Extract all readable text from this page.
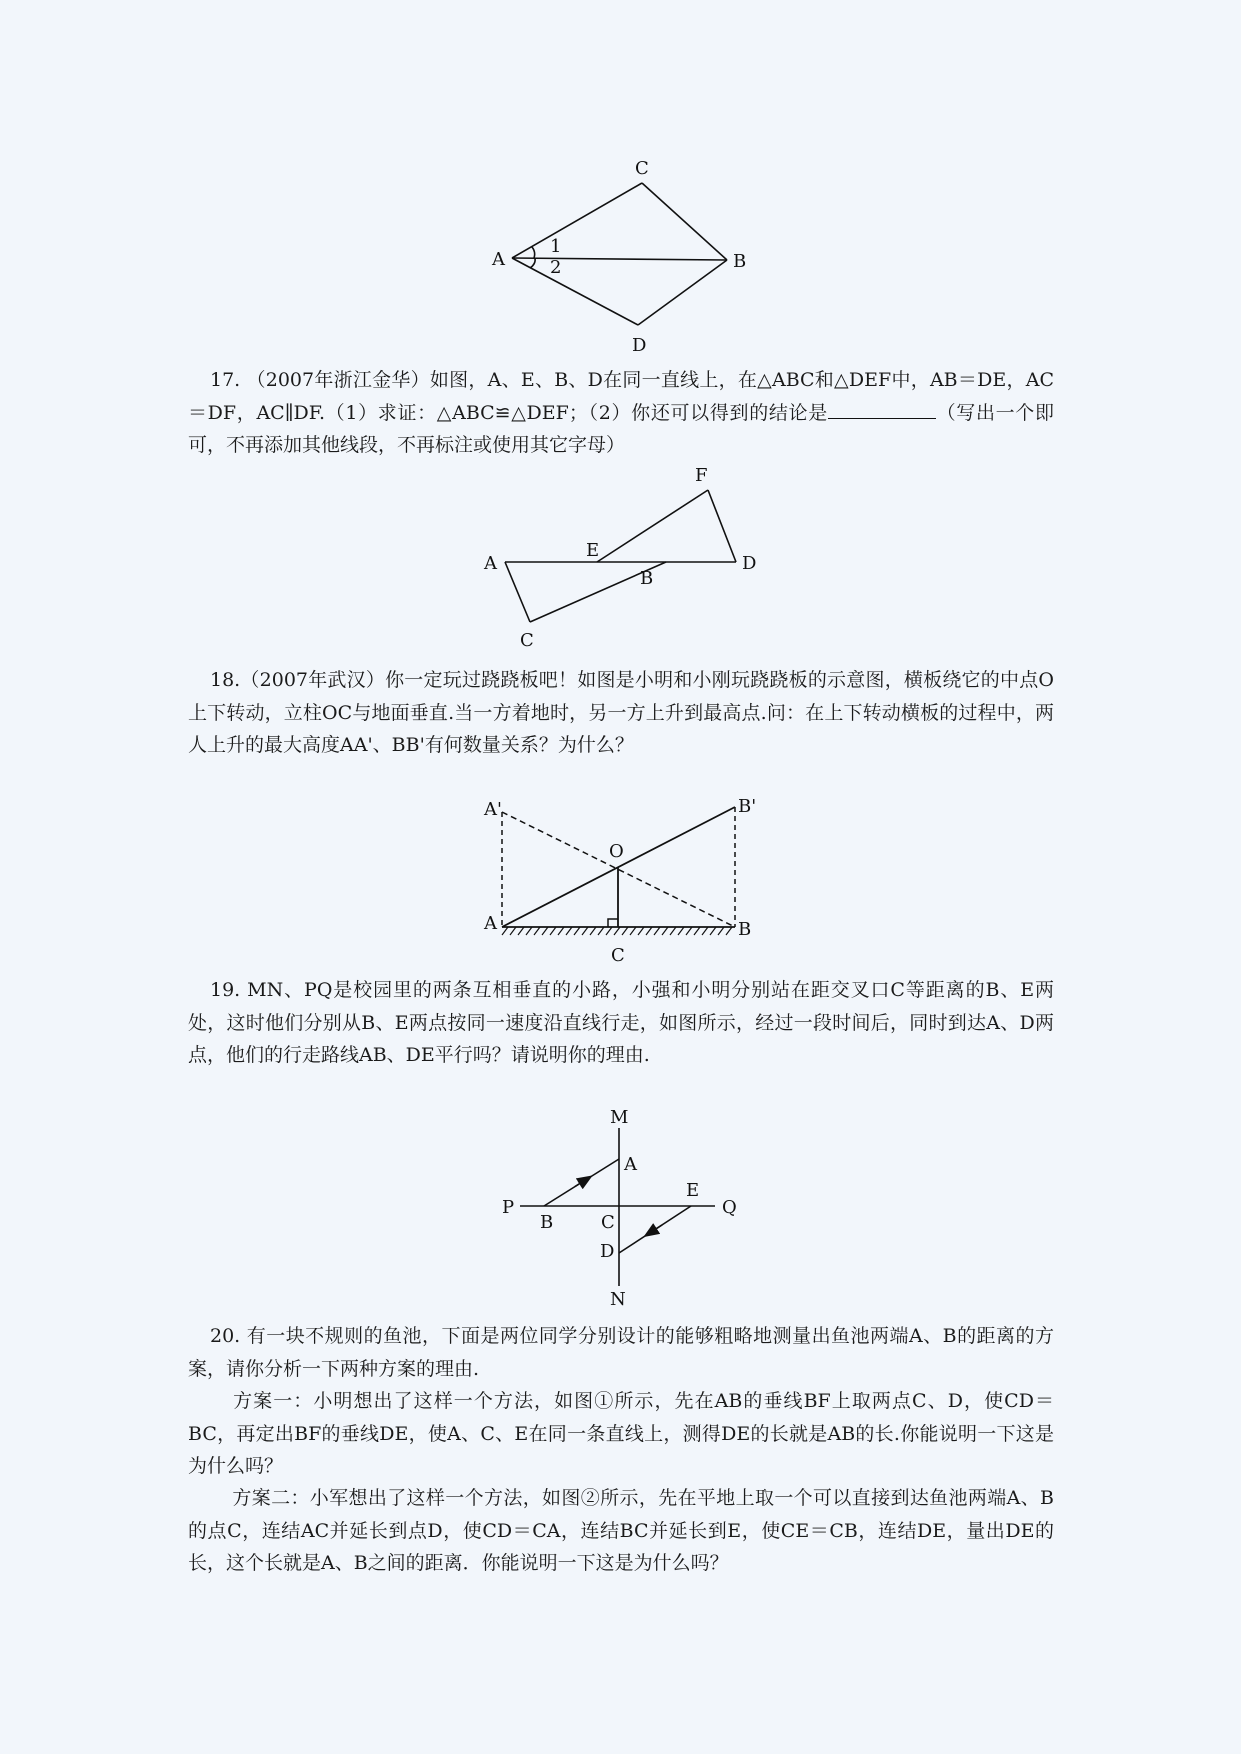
C
A	B
D
1
2

17. （2007年浙江金华）如图，A、E、B、D在同一直线上，在△ABC和△DEF中，AB＝DE，AC＝DF，AC∥DF.（1）求证：△ABC≌△DEF；（2）你还可以得到的结论是	（写出一个即可，不再添加其他线段，不再标注或使用其它字母）

F
A
E
D
B
C

18.（2007年武汉）你一定玩过跷跷板吧！如图是小明和小刚玩跷跷板的示意图，横板绕它的中点O上下转动，立柱OC与地面垂直.当一方着地时，另一方上升到最高点.问：在上下转动横板的过程中，两人上升的最大高度AA'、BB'有何数量关系？为什么？

A'	B'
O
A	B
C

19. MN、PQ是校园里的两条互相垂直的小路，小强和小明分别站在距交叉口C等距离的B、E两处，这时他们分别从B、E两点按同一速度沿直线行走，如图所示，经过一段时间后，同时到达A、D两点，他们的行走路线AB、DE平行吗？请说明你的理由.

M
A
P
E
Q
B	C
D
N

20. 有一块不规则的鱼池，下面是两位同学分别设计的能够粗略地测量出鱼池两端A、B的距离的方案，请你分析一下两种方案的理由.

方案一：小明想出了这样一个方法，如图①所示，先在AB的垂线BF上取两点C、D，使CD＝BC，再定出BF的垂线DE，使A、C、E在同一条直线上，测得DE的长就是AB的长.你能说明一下这是为什么吗？

方案二：小军想出了这样一个方法，如图②所示，先在平地上取一个可以直接到达鱼池两端A、B的点C，连结AC并延长到点D，使CD＝CA，连结BC并延长到E，使CE＝CB，连结DE，量出DE的长，这个长就是A、B之间的距离．你能说明一下这是为什么吗？
